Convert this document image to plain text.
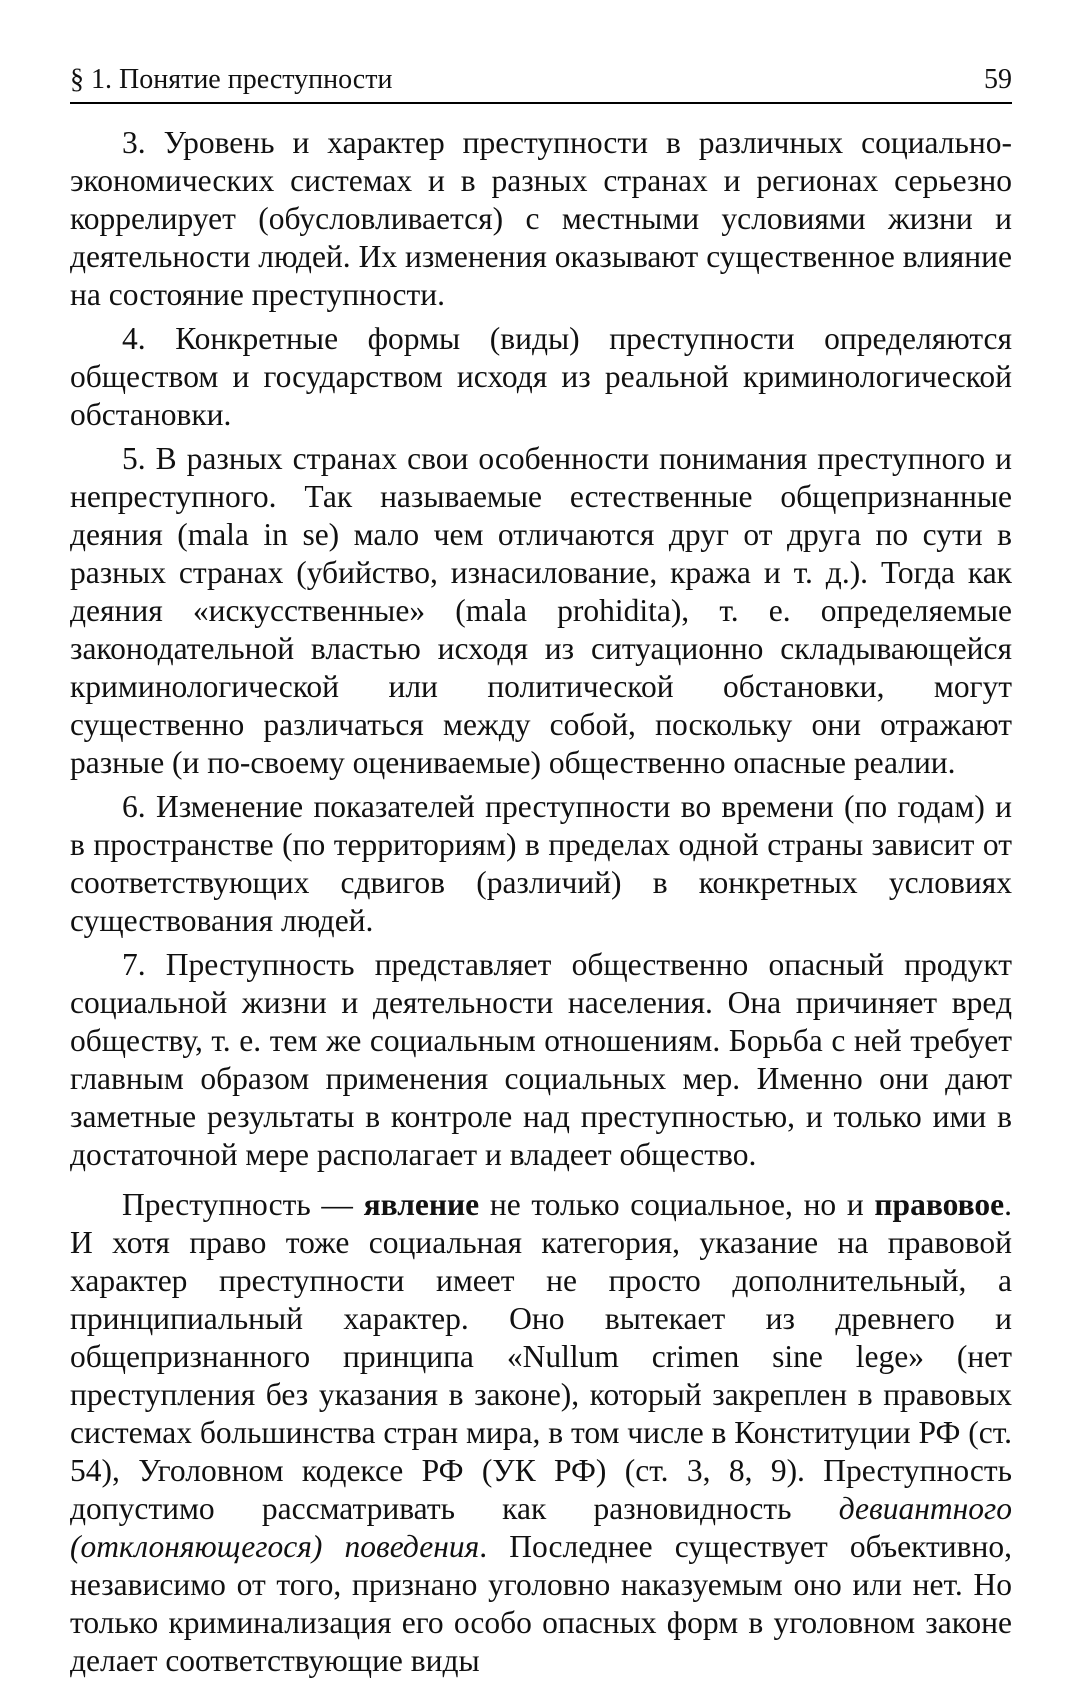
§ 1. Понятие преступности	59

3. Уровень и характер преступности в различных социально-экономических системах и в разных странах и регионах серьезно коррелирует (обусловливается) с местными условиями жизни и деятельности людей. Их изменения оказывают существенное влияние на состояние преступности.

4. Конкретные формы (виды) преступности определяются обществом и государством исходя из реальной криминологической обстановки.

5. В разных странах свои особенности понимания преступного и непреступного. Так называемые естественные общепризнанные деяния (mala in se) мало чем отличаются друг от друга по сути в разных странах (убийство, изнасилование, кража и т. д.). Тогда как деяния «искусственные» (mala prohidita), т. е. определяемые законодательной властью исходя из ситуационно складывающейся криминологической или политической обстановки, могут существенно различаться между собой, поскольку они отражают разные (и по-своему оцениваемые) общественно опасные реалии.

6. Изменение показателей преступности во времени (по годам) и в пространстве (по территориям) в пределах одной страны зависит от соответствующих сдвигов (различий) в конкретных условиях существования людей.

7. Преступность представляет общественно опасный продукт социальной жизни и деятельности населения. Она причиняет вред обществу, т. е. тем же социальным отношениям. Борьба с ней требует главным образом применения социальных мер. Именно они дают заметные результаты в контроле над преступностью, и только ими в достаточной мере располагает и владеет общество.

Преступность — явление не только социальное, но и правовое. И хотя право тоже социальная категория, указание на правовой характер преступности имеет не просто дополнительный, а принципиальный характер. Оно вытекает из древнего и общепризнанного принципа «Nullum crimen sine lege» (нет преступления без указания в законе), который закреплен в правовых системах большинства стран мира, в том числе в Конституции РФ (ст. 54), Уголовном кодексе РФ (УК РФ) (ст. 3, 8, 9). Преступность допустимо рассматривать как разновидность девиантного (отклоняющегося) поведения. Последнее существует объективно, независимо от того, признано уголовно наказуемым оно или нет. Но только криминализация его особо опасных форм в уголовном законе делает соответствующие виды
